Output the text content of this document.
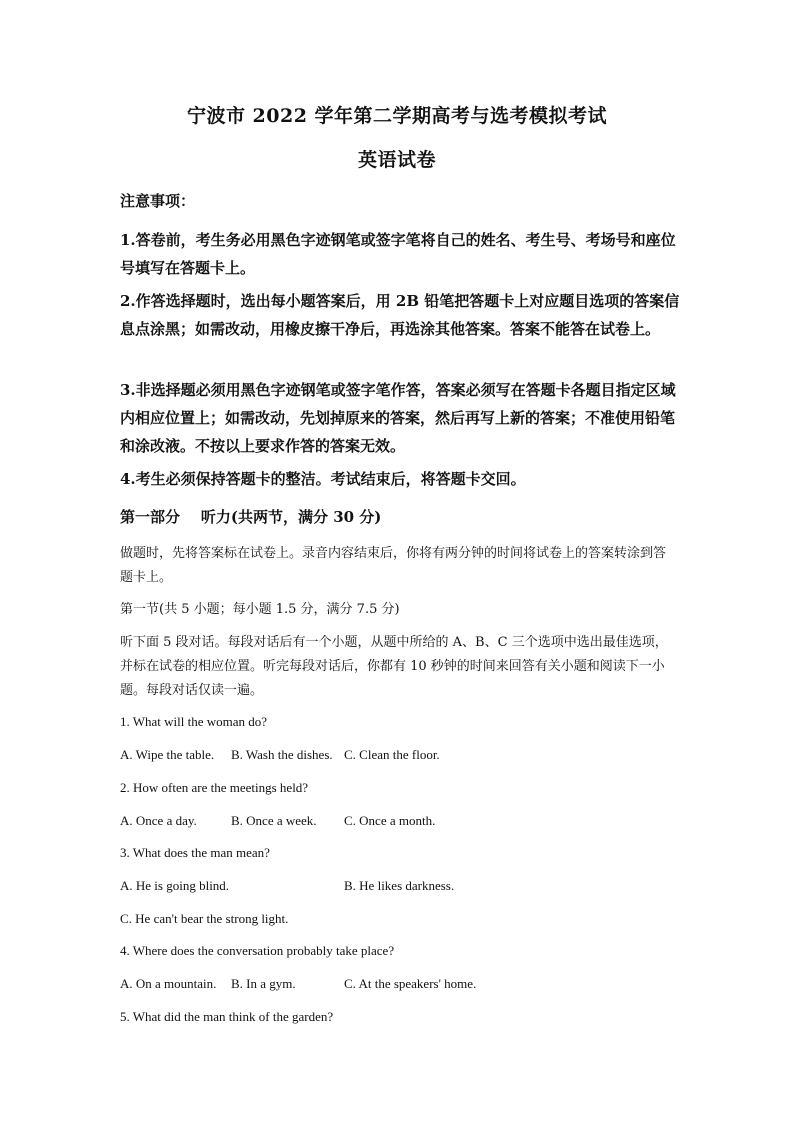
宁波市 2022 学年第二学期高考与选考模拟考试
英语试卷
注意事项：

1.答卷前，考生务必用黑色字迹钢笔或签字笔将自己的姓名、考生号、考场号和座位号填写在答题卡上。

2.作答选择题时，选出每小题答案后，用 2B 铅笔把答题卡上对应题目选项的答案信息点涂黑；如需改动，用橡皮擦干净后，再选涂其他答案。答案不能答在试卷上。

3.非选择题必须用黑色字迹钢笔或签字笔作答，答案必须写在答题卡各题目指定区域内相应位置上；如需改动，先划掉原来的答案，然后再写上新的答案；不准使用铅笔和涂改液。不按以上要求作答的答案无效。

4.考生必须保持答题卡的整洁。考试结束后，将答题卡交回。

第一部分    听力(共两节，满分 30 分)

做题时，先将答案标在试卷上。录音内容结束后，你将有两分钟的时间将试卷上的答案转涂到答题卡上。

第一节(共 5 小题；每小题 1.5 分，满分 7.5 分)

听下面 5 段对话。每段对话后有一个小题，从题中所给的 A、B、C 三个选项中选出最佳选项，并标在试卷的相应位置。听完每段对话后，你都有 10 秒钟的时间来回答有关小题和阅读下一小题。每段对话仅读一遍。

1. What will the woman do?
A. Wipe the table. B. Wash the dishes. C. Clean the floor.
2. How often are the meetings held?
A. Once a day.	B. Once a week. C. Once a month.
3. What does the man mean?
A. He is going blind.	B. He likes darkness.
C. He can't bear the strong light.
4. Where does the conversation probably take place?
A. On a mountain. B. In a gym.	C. At the speakers' home.
5. What did the man think of the garden?
